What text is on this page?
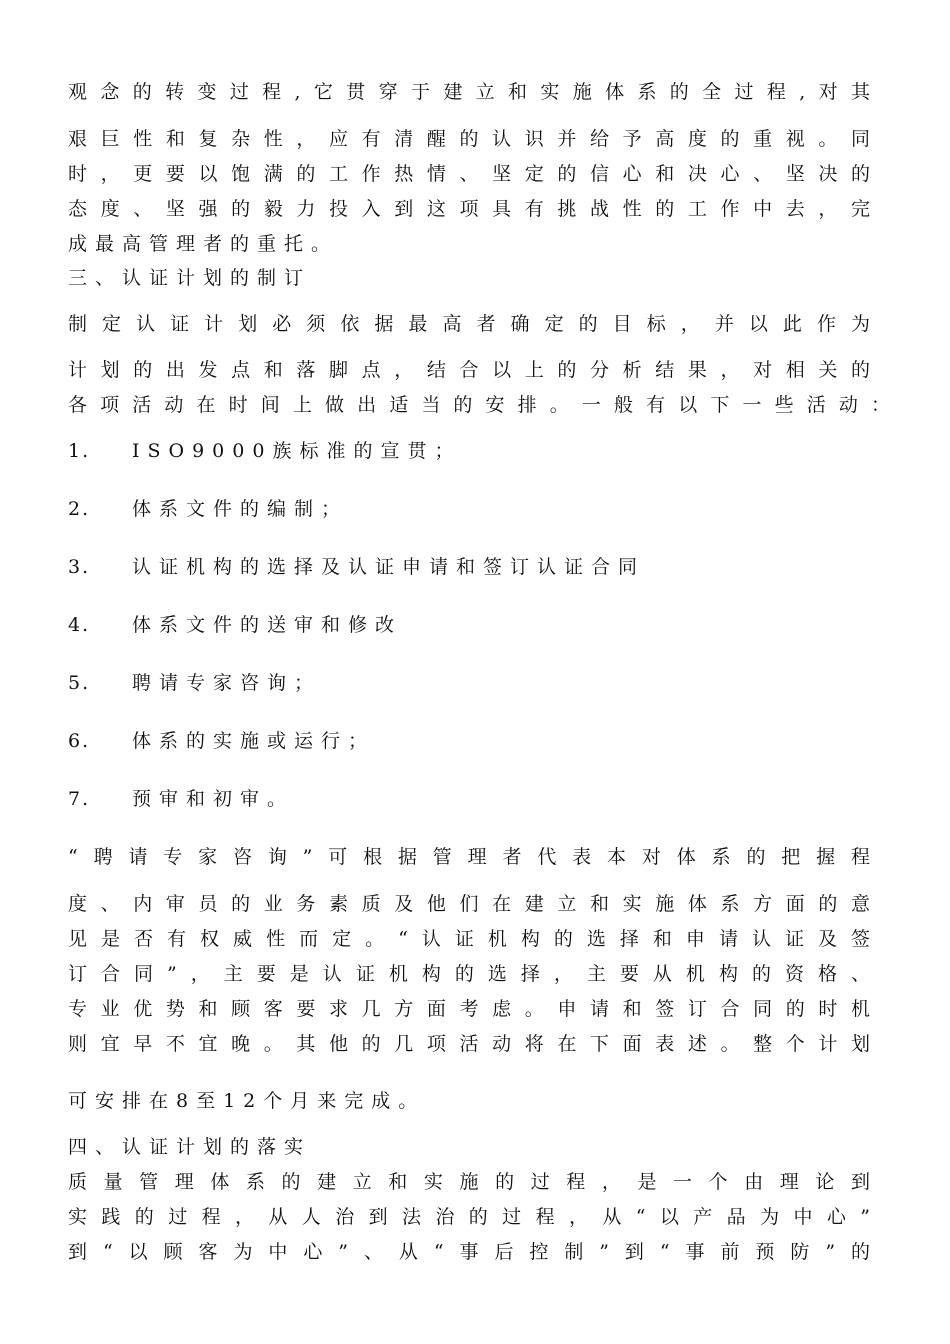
观念的转变过程,它贯穿于建立和实施体系的全过程,对其
艰巨性和复杂性，应有清醒的认识并给予高度的重视。同
时，更要以饱满的工作热情、坚定的信心和决心、坚决的
态度、坚强的毅力投入到这项具有挑战性的工作中去，完
成最高管理者的重托。
三、认证计划的制订
制定认证计划必须依据最高者确定的目标，并以此作为
计划的出发点和落脚点，结合以上的分析结果，对相关的
各项活动在时间上做出适当的安排。一般有以下一些活动：
1. ISO9000族标准的宣贯；
2. 体系文件的编制；
3. 认证机构的选择及认证申请和签订认证合同
4. 体系文件的送审和修改
5. 聘请专家咨询；
6. 体系的实施或运行；
7. 预审和初审。
“聘请专家咨询”可根据管理者代表本对体系的把握程
度、内审员的业务素质及他们在建立和实施体系方面的意
见是否有权威性而定。“认证机构的选择和申请认证及签
订合同”，主要是认证机构的选择，主要从机构的资格、
专业优势和顾客要求几方面考虑。申请和签订合同的时机
则宜早不宜晚。其他的几项活动将在下面表述。整个计划
可安排在8至12个月来完成。
四、认证计划的落实
质量管理体系的建立和实施的过程，是一个由理论到
实践的过程，从人治到法治的过程，从“以产品为中心”
到“以顾客为中心”、从“事后控制”到“事前预防”的
